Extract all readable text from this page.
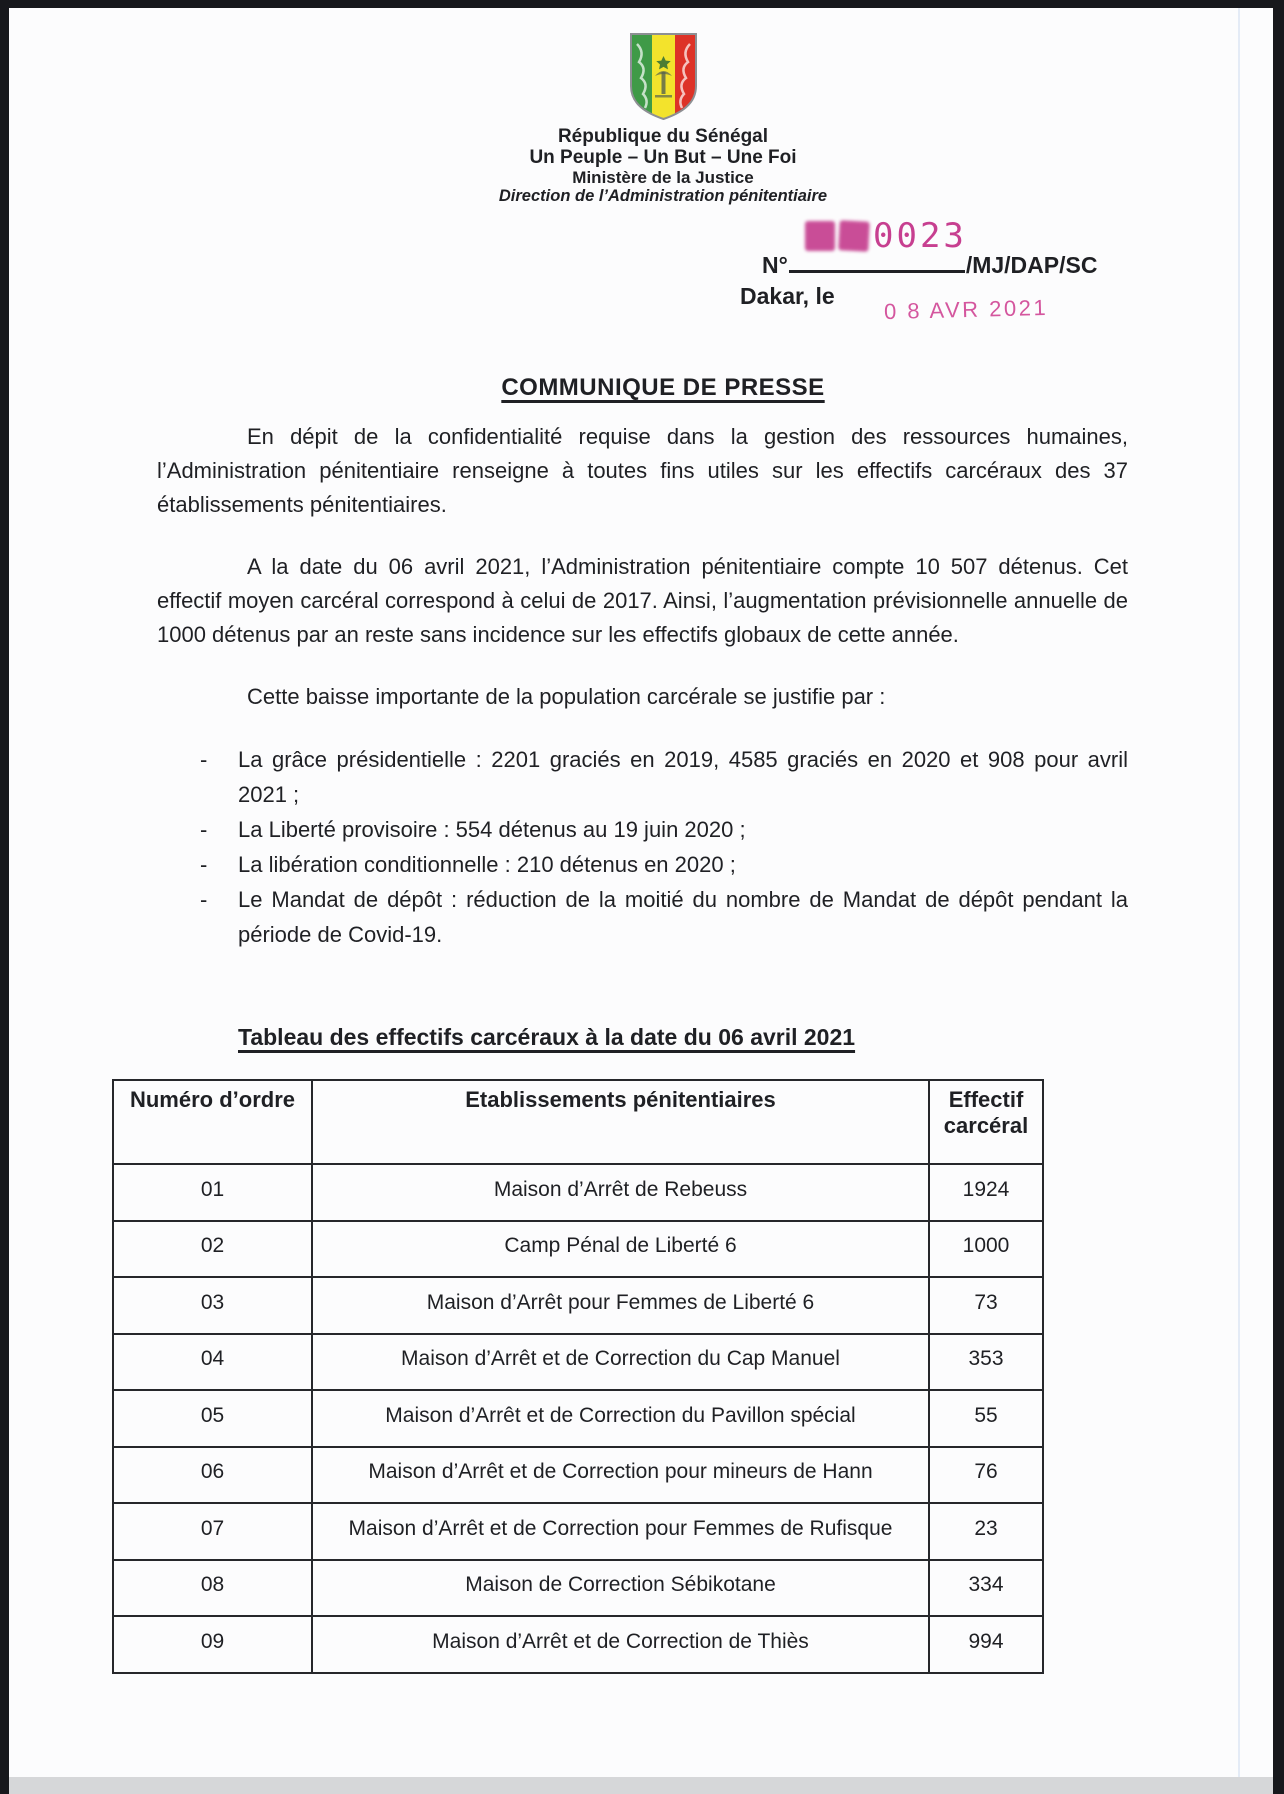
République du Sénégal
Un Peuple – Un But – Une Foi
Ministère de la Justice
Direction de l’Administration pénitentiaire
0023
N°	/MJ/DAP/SC
Dakar, le 0 8 AVR 2021
COMMUNIQUE DE PRESSE

En dépit de la confidentialité requise dans la gestion des ressources humaines, l’Administration pénitentiaire renseigne à toutes fins utiles sur les effectifs carcéraux des 37 établissements pénitentiaires.

A la date du 06 avril 2021, l’Administration pénitentiaire compte 10 507 détenus. Cet effectif moyen carcéral correspond à celui de 2017. Ainsi, l’augmentation prévisionnelle annuelle de 1000 détenus par an reste sans incidence sur les effectifs globaux de cette année.

Cette baisse importante de la population carcérale se justifie par :

- La grâce présidentielle : 2201 graciés en 2019, 4585 graciés en 2020 et 908 pour avril 2021 ;
- La Liberté provisoire : 554 détenus au 19 juin 2020 ;
- La libération conditionnelle : 210 détenus en 2020 ;
- Le Mandat de dépôt : réduction de la moitié du nombre de Mandat de dépôt pendant la période de Covid-19.
Tableau des effectifs carcéraux à la date du 06 avril 2021
Numéro d’ordre	Etablissements pénitentiaires	Effectif carcéral
01	Maison d’Arrêt de Rebeuss	1924
02	Camp Pénal de Liberté 6	1000
03	Maison d’Arrêt pour Femmes de Liberté 6	73
04	Maison d’Arrêt et de Correction du Cap Manuel	353
05	Maison d’Arrêt et de Correction du Pavillon spécial	55
06	Maison d’Arrêt et de Correction pour mineurs de Hann	76
07	Maison d’Arrêt et de Correction pour Femmes de Rufisque	23
08	Maison de Correction Sébikotane	334
09	Maison d’Arrêt et de Correction de Thiès	994
